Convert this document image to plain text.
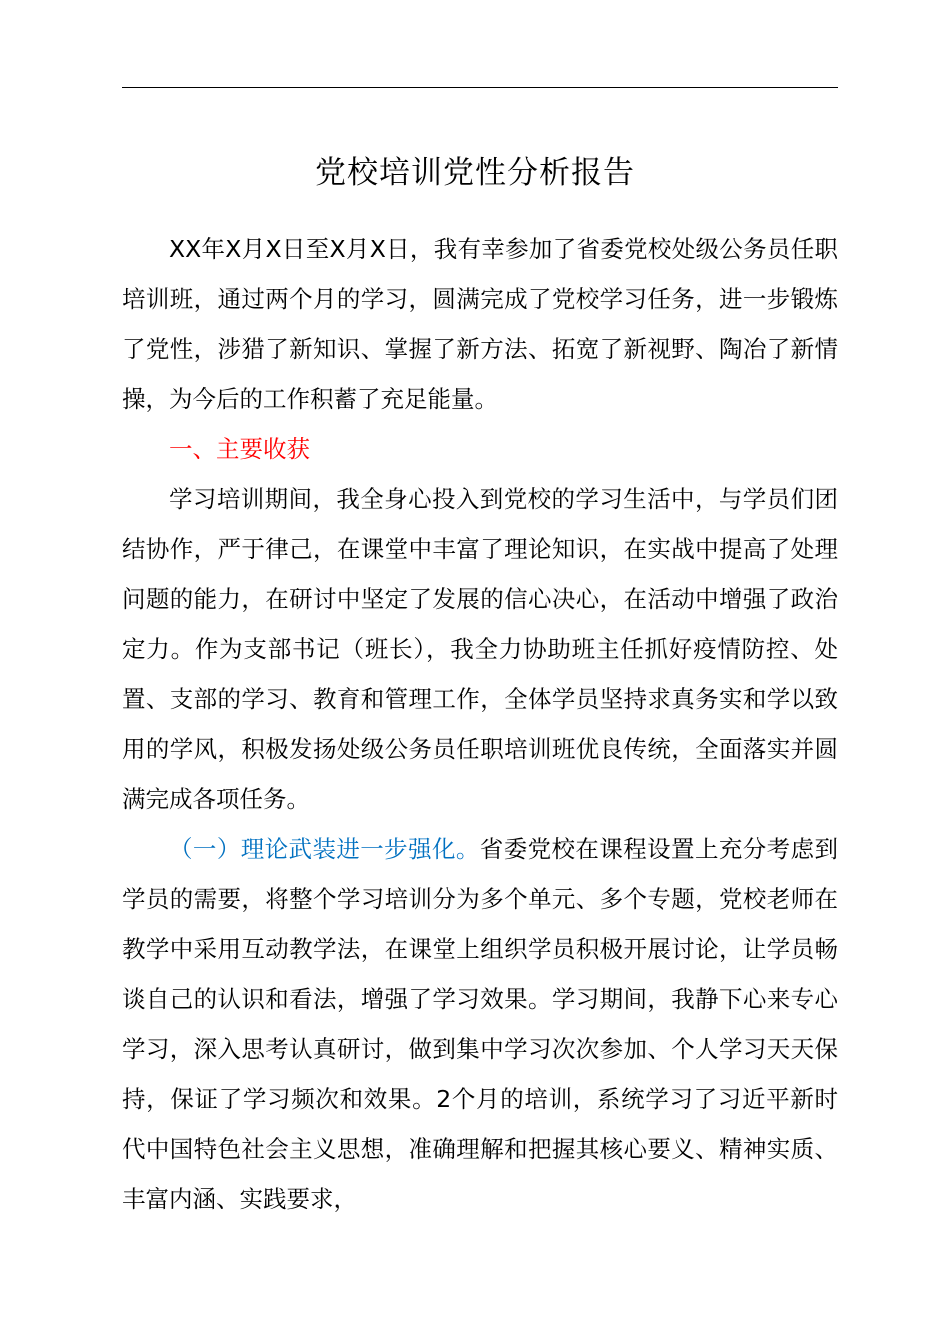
党校培训党性分析报告

XX年X月X日至X月X日，我有幸参加了省委党校处级公务员任职培训班，通过两个月的学习，圆满完成了党校学习任务，进一步锻炼了党性，涉猎了新知识、掌握了新方法、拓宽了新视野、陶冶了新情操，为今后的工作积蓄了充足能量。

一、主要收获

学习培训期间，我全身心投入到党校的学习生活中，与学员们团结协作，严于律己，在课堂中丰富了理论知识，在实战中提高了处理问题的能力，在研讨中坚定了发展的信心决心，在活动中增强了政治定力。作为支部书记（班长），我全力协助班主任抓好疫情防控、处置、支部的学习、教育和管理工作，全体学员坚持求真务实和学以致用的学风，积极发扬处级公务员任职培训班优良传统，全面落实并圆满完成各项任务。

（一）理论武装进一步强化。省委党校在课程设置上充分考虑到学员的需要，将整个学习培训分为多个单元、多个专题，党校老师在教学中采用互动教学法，在课堂上组织学员积极开展讨论，让学员畅谈自己的认识和看法，增强了学习效果。学习期间，我静下心来专心学习，深入思考认真研讨，做到集中学习次次参加、个人学习天天保持，保证了学习频次和效果。2个月的培训，系统学习了习近平新时代中国特色社会主义思想，准确理解和把握其核心要义、精神实质、丰富内涵、实践要求，
